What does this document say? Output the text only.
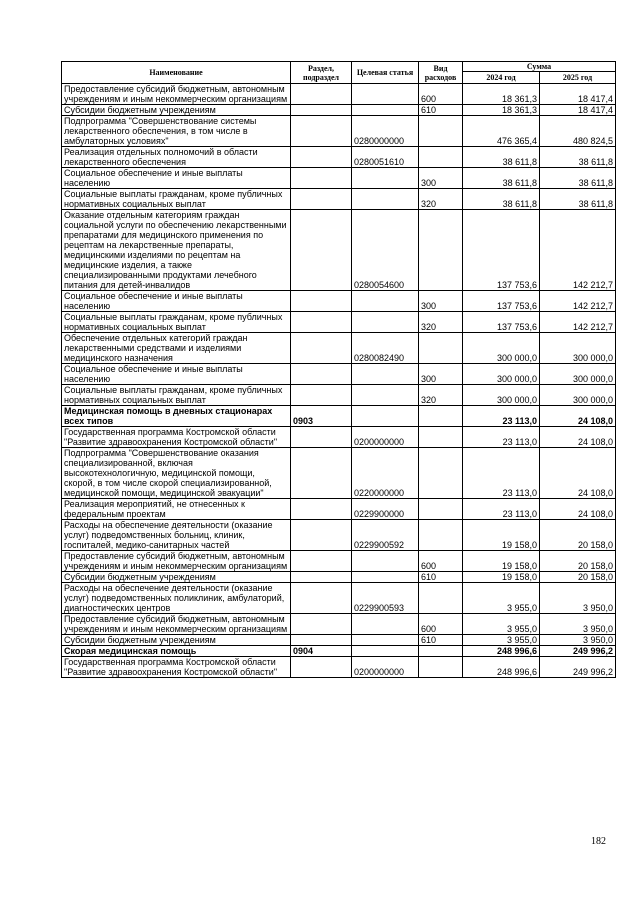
Наименование	Раздел, подраздел	Целевая статья	Вид расходов	Сумма	
				2024 год	2025 год
Предоставление субсидий бюджетным, автономным учреждениям и иным некоммерческим организациям			600	18 361,3	18 417,4
Субсидии бюджетным учреждениям			610	18 361,3	18 417,4
Подпрограмма "Совершенствование системы лекарственного обеспечения, в том числе в амбулаторных условиях"		0280000000		476 365,4	480 824,5
Реализация отдельных полномочий в области лекарственного обеспечения		0280051610		38 611,8	38 611,8
Социальное обеспечение и иные выплаты населению			300	38 611,8	38 611,8
Социальные выплаты гражданам, кроме публичных нормативных социальных выплат			320	38 611,8	38 611,8
Оказание отдельным категориям граждан социальной услуги по обеспечению лекарственными препаратами для медицинского применения по рецептам на лекарственные препараты, медицинскими изделиями по рецептам на медицинские изделия, а также специализированными продуктами лечебного питания для детей-инвалидов		0280054600		137 753,6	142 212,7
Социальное обеспечение и иные выплаты населению			300	137 753,6	142 212,7
Социальные выплаты гражданам, кроме публичных нормативных социальных выплат			320	137 753,6	142 212,7
Обеспечение отдельных категорий граждан лекарственными средствами и изделиями медицинского назначения		0280082490		300 000,0	300 000,0
Социальное обеспечение и иные выплаты населению			300	300 000,0	300 000,0
Социальные выплаты гражданам, кроме публичных нормативных социальных выплат			320	300 000,0	300 000,0
Медицинская помощь в дневных стационарах всех типов	0903			23 113,0	24 108,0
Государственная программа Костромской области "Развитие здравоохранения Костромской области"		0200000000		23 113,0	24 108,0
Подпрограмма "Совершенствование оказания специализированной, включая высокотехнологичную, медицинской помощи, скорой, в том числе скорой специализированной, медицинской помощи, медицинской эвакуации"		0220000000		23 113,0	24 108,0
Реализация мероприятий, не отнесенных к федеральным проектам		0229900000		23 113,0	24 108,0
Расходы на обеспечение деятельности (оказание услуг) подведомственных больниц, клиник, госпиталей, медико-санитарных частей		0229900592		19 158,0	20 158,0
Предоставление субсидий бюджетным, автономным учреждениям и иным некоммерческим организациям			600	19 158,0	20 158,0
Субсидии бюджетным учреждениям			610	19 158,0	20 158,0
Расходы на обеспечение деятельности (оказание услуг) подведомственных поликлиник, амбулаторий, диагностических центров		0229900593		3 955,0	3 950,0
Предоставление субсидий бюджетным, автономным учреждениям и иным некоммерческим организациям			600	3 955,0	3 950,0
Субсидии бюджетным учреждениям			610	3 955,0	3 950,0
Скорая медицинская помощь	0904			248 996,6	249 996,2
Государственная программа Костромской области "Развитие здравоохранения Костромской области"		0200000000		248 996,6	249 996,2
182
